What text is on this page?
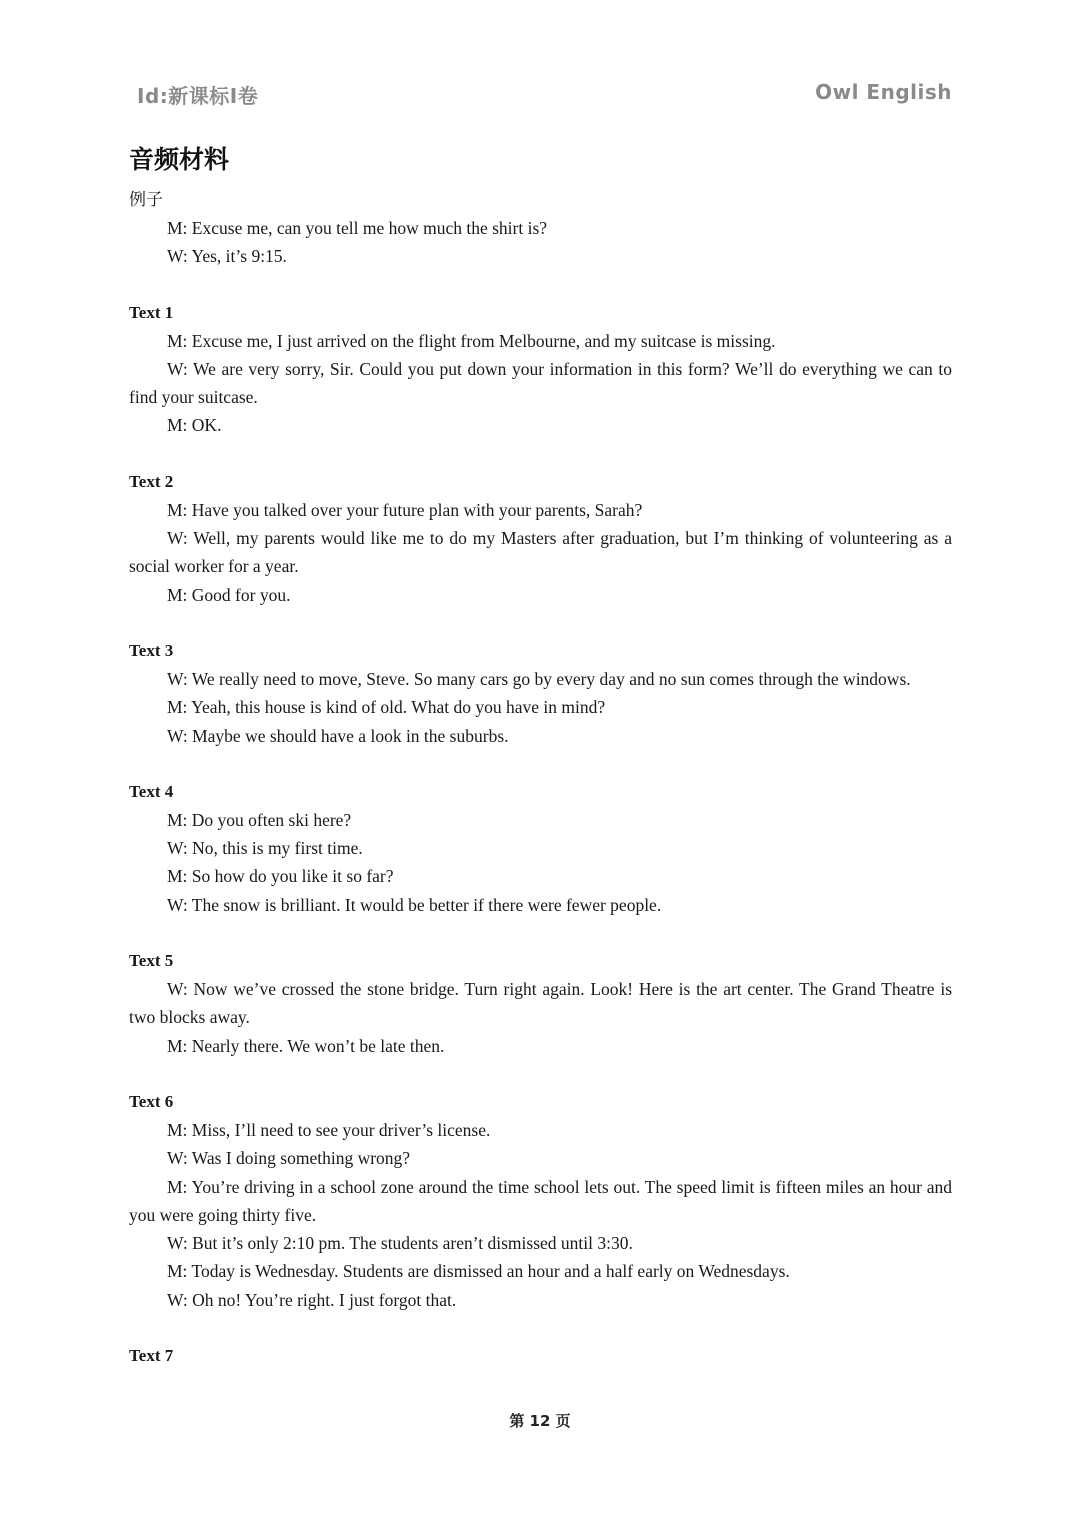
Id:新课标I卷	Owl English
音频材料

例子

M: Excuse me, can you tell me how much the shirt is?

W: Yes, it’s 9:15.

Text 1

M: Excuse me, I just arrived on the flight from Melbourne, and my suitcase is missing.

W: We are very sorry, Sir. Could you put down your information in this form? We’ll do everything we can to find your suitcase.

M: OK.

Text 2

M: Have you talked over your future plan with your parents, Sarah?

W: Well, my parents would like me to do my Masters after graduation, but I’m thinking of volunteering as a social worker for a year.

M: Good for you.

Text 3

W: We really need to move, Steve. So many cars go by every day and no sun comes through the windows.

M: Yeah, this house is kind of old. What do you have in mind?

W: Maybe we should have a look in the suburbs.

Text 4

M: Do you often ski here?

W: No, this is my first time.

M: So how do you like it so far?

W: The snow is brilliant. It would be better if there were fewer people.

Text 5

W: Now we’ve crossed the stone bridge. Turn right again. Look! Here is the art center. The Grand Theatre is two blocks away.

M: Nearly there. We won’t be late then.

Text 6

M: Miss, I’ll need to see your driver’s license.

W: Was I doing something wrong?

M: You’re driving in a school zone around the time school lets out. The speed limit is fifteen miles an hour and you were going thirty five.

W: But it’s only 2:10 pm. The students aren’t dismissed until 3:30.

M: Today is Wednesday. Students are dismissed an hour and a half early on Wednesdays.

W: Oh no! You’re right. I just forgot that.

Text 7

第 12 页
